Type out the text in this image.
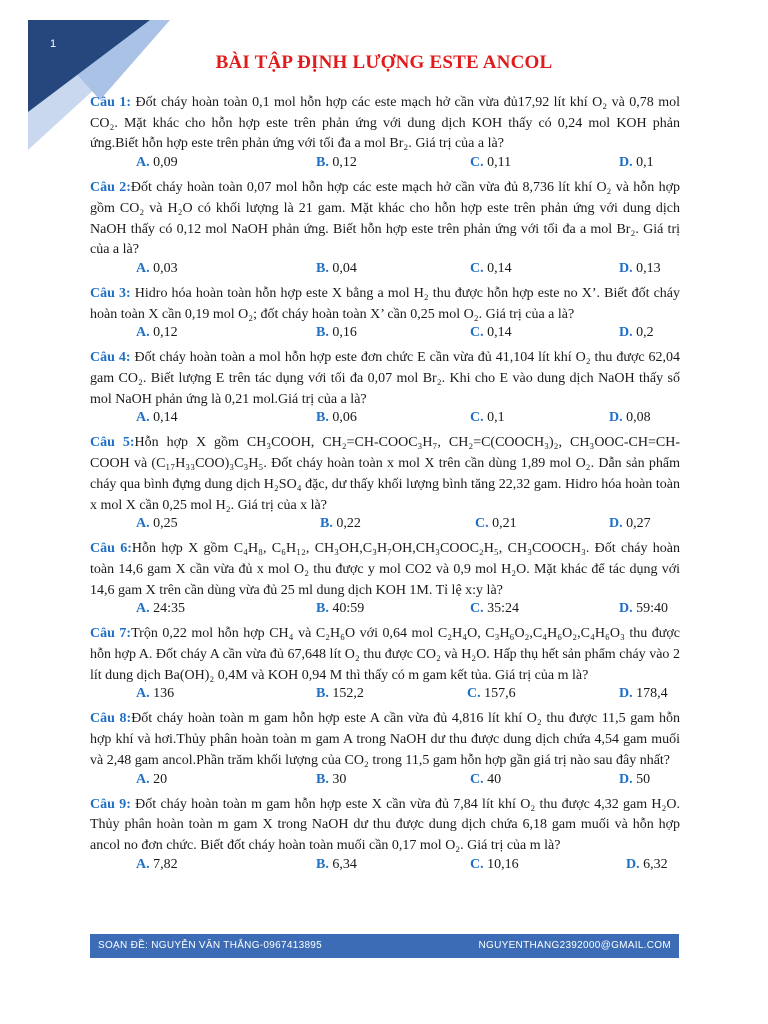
1
BÀI TẬP ĐỊNH LƯỢNG ESTE ANCOL
Câu 1: Đốt cháy hoàn toàn 0,1 mol hỗn hợp các este mạch hở cần vừa đủ17,92 lít khí O₂ và 0,78 mol CO₂. Mặt khác cho hỗn hợp este trên phản ứng với dung dịch KOH thấy có 0,24 mol KOH phản ứng.Biết hỗn hợp este trên phản ứng với tối đa a mol Br₂. Giá trị của a là?
A. 0,09	B. 0,12	C. 0,11	D. 0,1
Câu 2:Đốt cháy hoàn toàn 0,07 mol hỗn hợp các este mạch hở cần vừa đủ 8,736 lít khí O₂ và hỗn hợp gồm CO₂ và H₂O có khối lượng là 21 gam. Mặt khác cho hỗn hợp este trên phản ứng với dung dịch NaOH thấy có 0,12 mol NaOH phản ứng. Biết hỗn hợp este trên phản ứng với tối đa a mol Br₂. Giá trị của a là?
A. 0,03	B. 0,04	C. 0,14	D. 0,13
Câu 3: Hidro hóa hoàn toàn hỗn hợp este X bằng a mol H₂ thu được hỗn hợp este no X’. Biết đốt cháy hoàn toàn X cần 0,19 mol O₂; đốt cháy hoàn toàn X’ cần 0,25 mol O₂. Giá trị của a là?
A. 0,12	B. 0,16	C. 0,14	D. 0,2
Câu 4: Đốt cháy hoàn toàn a mol hỗn hợp este đơn chức E cần vừa đủ 41,104 lít khí O₂ thu được 62,04 gam CO₂. Biết lượng E trên tác dụng với tối đa 0,07 mol Br₂. Khi cho E vào dung dịch NaOH thấy số mol NaOH phản ứng là 0,21 mol.Giá trị của a là?
A. 0,14	B. 0,06	C. 0,1	D. 0,08
Câu 5:Hỗn hợp X gồm CH₃COOH, CH₂=CH-COOC₃H₇, CH₂=C(COOCH₃)₂, CH₃OOC-CH=CH-COOH và (C₁₇H₃₃COO)₃C₃H₅. Đốt cháy hoàn toàn x mol X trên cần dùng 1,89 mol O₂. Dẫn sản phẩm cháy qua bình đựng dung dịch H₂SO₄ đặc, dư thấy khối lượng bình tăng 22,32 gam. Hidro hóa hoàn toàn x mol X cần 0,25 mol H₂. Giá trị của x là?
A. 0,25	B. 0,22	C. 0,21	D. 0,27
Câu 6:Hỗn hợp X gồm C₄H₈, C₆H₁₂, CH₃OH,C₃H₇OH,CH₃COOC₂H₅, CH₃COOCH₃. Đốt cháy hoàn toàn 14,6 gam X cần vừa đủ x mol O₂ thu được y mol CO2 và 0,9 mol H₂O. Mặt khác để tác dụng với 14,6 gam X trên cần dùng vừa đủ 25 ml dung dịch KOH 1M. Tỉ lệ x:y là?
A. 24:35	B. 40:59	C. 35:24	D. 59:40
Câu 7:Trộn 0,22 mol hỗn hợp CH₄ và C₂H₆O với 0,64 mol C₂H₄O, C₃H₆O₂,C₄H₆O₂,C₄H₆O₃ thu được hỗn hợp A. Đốt cháy A cần vừa đủ 67,648 lít O₂ thu được CO₂ và H₂O. Hấp thụ hết sản phẩm cháy vào 2 lít dung dịch Ba(OH)₂ 0,4M và KOH 0,94 M thì thấy có m gam kết tủa. Giá trị của m là?
A. 136	B. 152,2	C. 157,6	D. 178,4
Câu 8:Đốt cháy hoàn toàn m gam hỗn hợp este A cần vừa đủ 4,816 lít khí O₂ thu được 11,5 gam hỗn hợp khí và hơi.Thủy phân hoàn toàn m gam A trong NaOH dư thu được dung dịch chứa 4,54 gam muối và 2,48 gam ancol.Phần trăm khối lượng của CO₂ trong 11,5 gam hỗn hợp gần giá trị nào sau đây nhất?
A. 20	B. 30	C. 40	D. 50
Câu 9: Đốt cháy hoàn toàn m gam hỗn hợp este X cần vừa đủ 7,84 lít khí O₂ thu được 4,32 gam H₂O. Thủy phân hoàn toàn m gam X trong NaOH dư thu được dung dịch chứa 6,18 gam muối và hỗn hợp ancol no đơn chức. Biết đốt cháy hoàn toàn muối cần 0,17 mol O₂. Giá trị của m là?
A. 7,82	B. 6,34	C. 10,16	D. 6,32
SOẠN ĐỀ: NGUYỄN VĂN THẮNG-0967413895	NGUYENTHANG2392000@GMAIL.COM
